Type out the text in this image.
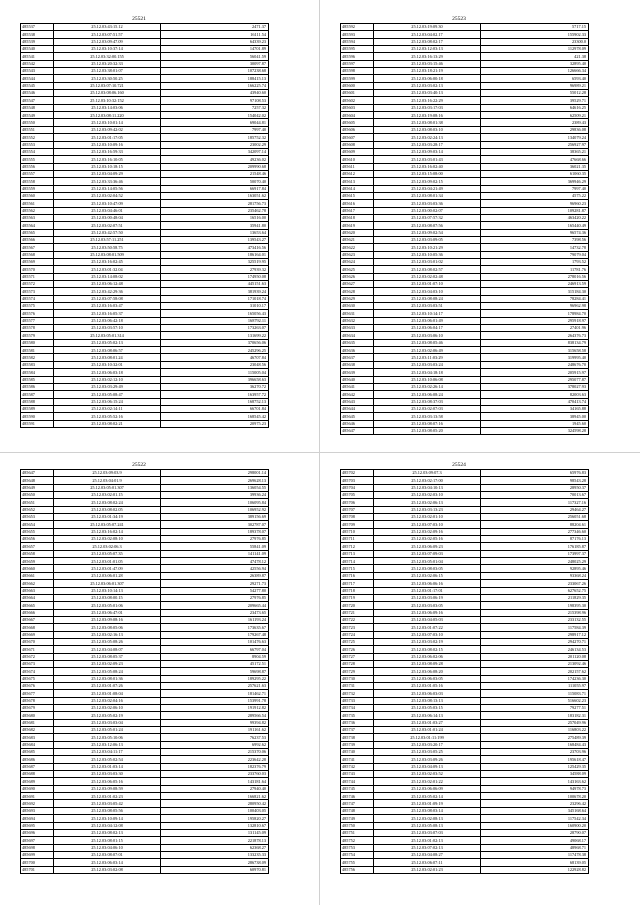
25521
485537	25.12.03:43:15.12	2471.37
485538	25.12.03:07:51.57	16111.54
485539	25.12.03:09:47.09	64339.23
485540	25.12.03:10:37:14	14701.89
485541	25.12.03:32:00.155	56041.59
485542	25.12.03:20:32:33	30097.87
485543	25.12.03:38:01:07	107238.68
485544	25.12.03:30:50.25	188415.13
485545	25.12.03:07:10.721	166225.74
485546	25.12.03:08:06.160	43940.60
485547	25.12.03:10:32:152	97108.53
485548	25.12.03:14:03:06	7257.32
485549	25.12.03:08:11.220	154042.02
485550	25.12.03:10:01:14	69044.81
485551	25.12.03:09:42:02	7997.40
485552	25.12.03:01:17:05	185752.32
485553	25.12.03:10:09:16	23002.29
485554	25.12.03:16:59:33	342097.14
485555	25.12.03:16:10:05	49236.02
485556	25.12.03:10:18:15	209990.68
485557	25.12.03:04:09:29	21548.46
485558	25.12.03:33:36:46	50070.40
485559	25.12.03:14:05:56	66917.84
485560	25.12.03:02:04:52	163051.62
485561	25.12.03:10:47:09	281756.73
485562	25.12.03:04:46:01	235462.78
485563	25.12.03:00:48:04	16516.00
485564	25.12.03:02:07:51	35941.80
485565	25.12.03:42:57:50	13653.64
485566	25.12.03:57:11.251	139543.27
485567	25.12.03:50:58.75	473416.56
485568	25.12.03:08:01.509	186164.01
485569	25.12.03:16:02:45	325519.95
485570	25.12.03:01:32.04	27939.32
485571	25.12.03:14:08:02	174950.08
485572	25.12.03:06:12:48	445151.63
485573	25.12.03:42:29:36	381939.24
485574	25.12.03:07:58:08	171018.74
485575	25.12.03:16:03:47	31010.17
485576	25.12.03:16:05:37	165056.43
485577	25.12.03:06:42:18	168792.11
485578	25.12.03:03:57:10	173263.07
485579	25.12.03:05:01.314	131699.22
485580	25.12.03:05:02:13	370656.06
485581	25.12.03:08:06:57	245296.25
485582	25.12.03:08:01.24	46707.84
485583	25.12.03:10:32:01	23048.56
485584	25.12.03:06:03:18	115005.04
485585	25.12.03:02:12:10	396658.63
485586	25.12.03:03:29:49	36270.72
485587	25.12.03:05:08:47	163957.72
485588	25.12.03:06:15:24	168752.13
485589	25.12.03:02:14:11	66701.84
485590	25.12.03:05:52:16	168545.42
485591	25.12.03:08:02:21	20975.23
25523
485592	25.12.03:19:09.30	5717.15
485593	25.12.03:04:02.17	155902.33
485594	25.12.03:08:02:17	23300.0
485595	25.12.03:12:03:13	112978.09
485596	25.12.03:16:13:29	421.38
485597	25.12.03:03:15:46	32895.40
485598	25.12.03:18:21:19	126666.34
485599	25.12.03:06:00:18	6593.40
485600	25.12.03:03:02:13	96989.21
485601	25.12.03:03:40:13	55012.28
485602	25.12.03:16:22:29	39529.71
485603	25.12.03:03:17:03	64616.25
485604	25.12.03:19:08:16	62509.21
485605	25.12.03:08:01:38	2389.43
485606	25.12.03:08:03:10	29836.08
485607	25.12.03:02:24:13	134079.24
485608	25.12.03:03:28:17	256927.97
485609	25.12.03:09:03:14	38365.21
485610	25.12.03:03:01:43	47668.66
485611	25.12.03:16:02:40	36021.35
485612	25.12.03:15:08:00	61060.35
485613	25.12.03:09:02:15	369946.29
485614	25.12.03:04:21:49	7997.40
485615	25.12.03:08:01:34	4575.22
485616	25.12.03:03:03:36	96960.23
485617	25.12.03:00:02:07	109281.87
485618	25.12.03:07:57:32	463420.22
485619	25.12.03:08:07:56	165440.49
485620	25.12.03:09:02:54	96574.36
485621	25.12.03:03:09:05	7398.56
485622	25.12.03:10:21:29	14732.78
485623	25.12.03:10:05:36	79079.04
485624	25.12.03:03:01:02	1793.52
485625	25.12.03:08:02:57	11781.76
485626	25.12.03:02:02:48	278016.56
485627	25.12.03:01:07:10	246913.59
485628	25.12.03:04:03:10	315184.30
485629	25.12.03:08:08:24	78284.41
485630	25.12.03:03:03:51	96962.98
485631	25.12.03:10:14:17	178984.70
485632	25.12.03:06:01:49	295918.97
485633	25.12.03:06:04:17	27401.96
485634	25.12.03:03:06:10	264376.73
485635	25.12.03:08:05:46	838134.79
485636	25.12.03:02:06:49	315658.58
485637	25.12.03:11:03:29	319995.40
485638	25.12.03:03:03:24	248676.70
485639	25.12.03:04:18:18	205915.97
485640	25.12.03:10:06:08	295077.87
485641	25.12.03:02:26:14	378027.93
485642	25.12.03:06:08:24	82003.63
485643	25.12.03:08:37:03	470413.74
485644	25.12.03:02:07:03	34165.88
485645	25.12.03:03:13:58	38945.00
485646	25.12.03:08:07:16	1945.60
485647	25.12.03:08:05:20	324598.28
25522
485647	25.12.03:09:03.9	298001.14
485648	25.12.03:04:01.9	269628.13
485649	25.12.03:05:01.307	136054.55
485650	25.12.03:02:01.15	39936.24
485651	25.12.03:08:02:24	106095.84
485652	25.12.03:08:02.05	106952.92
485653	25.12.03:01:34:19	389156.69
485654	25.12.03:05:07.241	302787.07
485655	25.12.03:16:02:14	189378.07
485656	25.12.03:02:08:10	27976.85
485657	25.12.03:02:06.3	55841.09
485658	25.12.03:05:07.35	141141.09
485659	25.12.03:01:01.05	47478.12
485660	25.12.03:01:47.09	42556.94
485661	25.12.03:06:01.28	26389.87
485662	25.12.03:06:01.307	29271.73
485663	25.12.03:10:14:13	54277.80
485664	25.12.03:08:00.15	27976.85
485665	25.12.03:05:01:06	209665.44
485666	25.12.03:06:47:01	23473.65
485667	25.12.03:09:08:16	161193.24
485668	25.12.03:08:05:06	173635.67
485669	25.12.03:02:16:13	179267.48
485670	25.12.03:05:08:26	101476.63
485671	25.12.03:04:08:07	66797.04
485672	25.12.03:08:05:37	8904.59
485673	25.12.03:02:09:23	45172.51
485674	25.12.03:05:08:24	59698.87
485675	25.12.03:08:01:36	189295.22
485676	25.12.03:01:07:26	257621.63
485677	25.12.03:01:08:04	181462.71
485678	25.12.03:02:04:16	153991.78
485679	25.12.03:02:06:10	191912.82
485680	25.12.03:05:02:19	289566.54
485681	25.12.03:03:03:04	99394.82
485682	25.12.03:05:01:24	191161.62
485683	25.12.03:05:10:06	76237.53
485684	25.12.03:12:06:13	6992.62
485685	25.12.03:04:11:17	215370.06
485686	25.12.03:05:02:54	223642.28
485687	25.12.03:01:03:14	182376.79
485688	25.12.03:03:03:30	233760.03
485689	25.12.03:06:05:16	143181.64
485690	25.12.03:09:08:59	27940.40
485691	25.12.03:01:02:23	166821.62
485692	25.12.03:03:05:42	280950.42
485693	25.12.03:08:05:56	100403.05
485694	25.12.03:10:09:14	195820.27
485695	25.12.03:04:12:08	132810.67
485696	25.12.03:08:02:13	131145.09
485697	25.12.03:08:01:15	221878.13
485698	25.12.03:04:06:10	62368.27
485699	25.12.03:08:07:01	133235.33
485700	25.12.03:06:03:14	286738.09
485701	25.12.03:03:02:08	60970.81
25524
485702	25.12.03:09:07.3	65976.83
485703	25.12.03:02:17:00	98543.28
485704	25.12.03:04:10:13	28950.37
485705	25.12.03:02:03:10	70013.67
485706	25.12.03:02:06:13	117327.16
485707	25.12.03:03:13:23	29464.27
485708	25.12.03:02:01:10	256051.68
485709	25.12.03:07:03:10	88204.61
485710	25.12.03:02:09:16	277346.60
485711	25.12.03:02:05:16	87176.13
485712	25.12.03:06:09:23	176185.87
485713	25.12.03:07:09:03	173997.37
485714	25.12.03:05:01:04	248025.29
485715	25.12.03:08:03:05	92895.46
485716	25.12.03:02:06:15	93368.24
485717	25.12.03:06:06:16	233067.26
485718	25.12.03:01:17:01	627652.75
485719	25.12.03:03:06:19	211829.35
485720	25.12.03:03:03:05	198395.30
485721	25.12.03:06:09:16	215398.96
485722	25.12.03:04:05:03	233132.55
485723	25.12.03:01:07:22	117584.39
485724	25.12.03:07:03:10	298917.12
485725	25.12.03:03:02:19	294270.71
485726	25.12.03:08:02:15	246134.53
485727	25.12.03:06:02:06	201120.08
485728	25.12.03:08:09:28	213092.46
485729	25.12.03:06:08:20	202157.62
485730	25.12.03:06:03:05	174236.30
485731	25.12.03:01:05:16	111055.97
485732	25.12.03:06:03:03	115083.71
485733	25.12.03:08:13:13	516602.23
485734	25.12.03:05:03:15	79277.51
485735	25.12.03:06:14:13	183182.31
485736	25.12.03:01:03:27	257049.96
485737	25.12.03:01:01:24	116803.22
485738	25.12.03:01:11:199	275489.39
485739	25.12.03:03:20:17	168484.43
485740	25.12.03:03:05:25	23703.96
485741	25.12.03:03:09:26	195618.47
485742	25.12.03:04:09:13	125429.35
485743	25.12.03:02:03:52	34588.09
485744	25.12.03:02:01:22	143163.62
485745	25.12.03:06:06:09	94978.73
485746	25.12.03:05:02:14	100678.20
485747	25.12.03:01:09:19	23296.42
485748	25.12.03:08:03:14	345168.64
485749	25.12.03:02:08:13	117542.34
485750	25.12.03:05:08:13	160900.20
485751	25.12.03:03:07:03	28790.07
485752	25.12.03:01:02:13	49068.17
485753	25.12.03:07:02:13	48968.71
485754	25.12.03:04:08:27	117478.38
485755	25.12.03:06:07:11	68139.05
485756	25.12.03:02:01:23	122928.82
